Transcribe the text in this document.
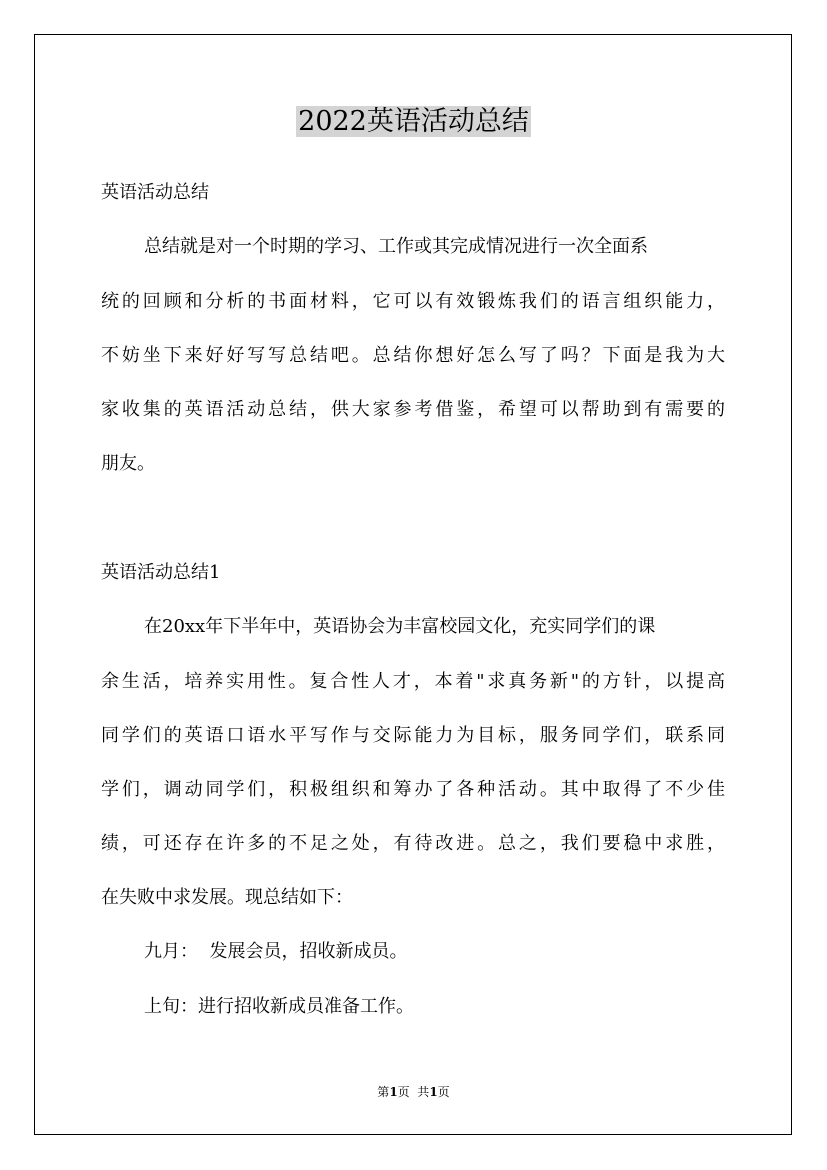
2022英语活动总结

英语活动总结

总结就是对一个时期的学习、工作或其完成情况进行一次全面系

统的回顾和分析的书面材料，它可以有效锻炼我们的语言组织能力，

不妨坐下来好好写写总结吧。总结你想好怎么写了吗？下面是我为大

家收集的英语活动总结，供大家参考借鉴，希望可以帮助到有需要的

朋友。

英语活动总结1

在20xx年下半年中，英语协会为丰富校园文化，充实同学们的课

余生活，培养实用性。复合性人才，本着"求真务新"的方针，以提高

同学们的英语口语水平写作与交际能力为目标，服务同学们，联系同

学们，调动同学们，积极组织和筹办了各种活动。其中取得了不少佳

绩，可还存在许多的不足之处，有待改进。总之，我们要稳中求胜，

在失败中求发展。现总结如下：

九月：  发展会员，招收新成员。

上旬：进行招收新成员准备工作。

第1页  共1页
